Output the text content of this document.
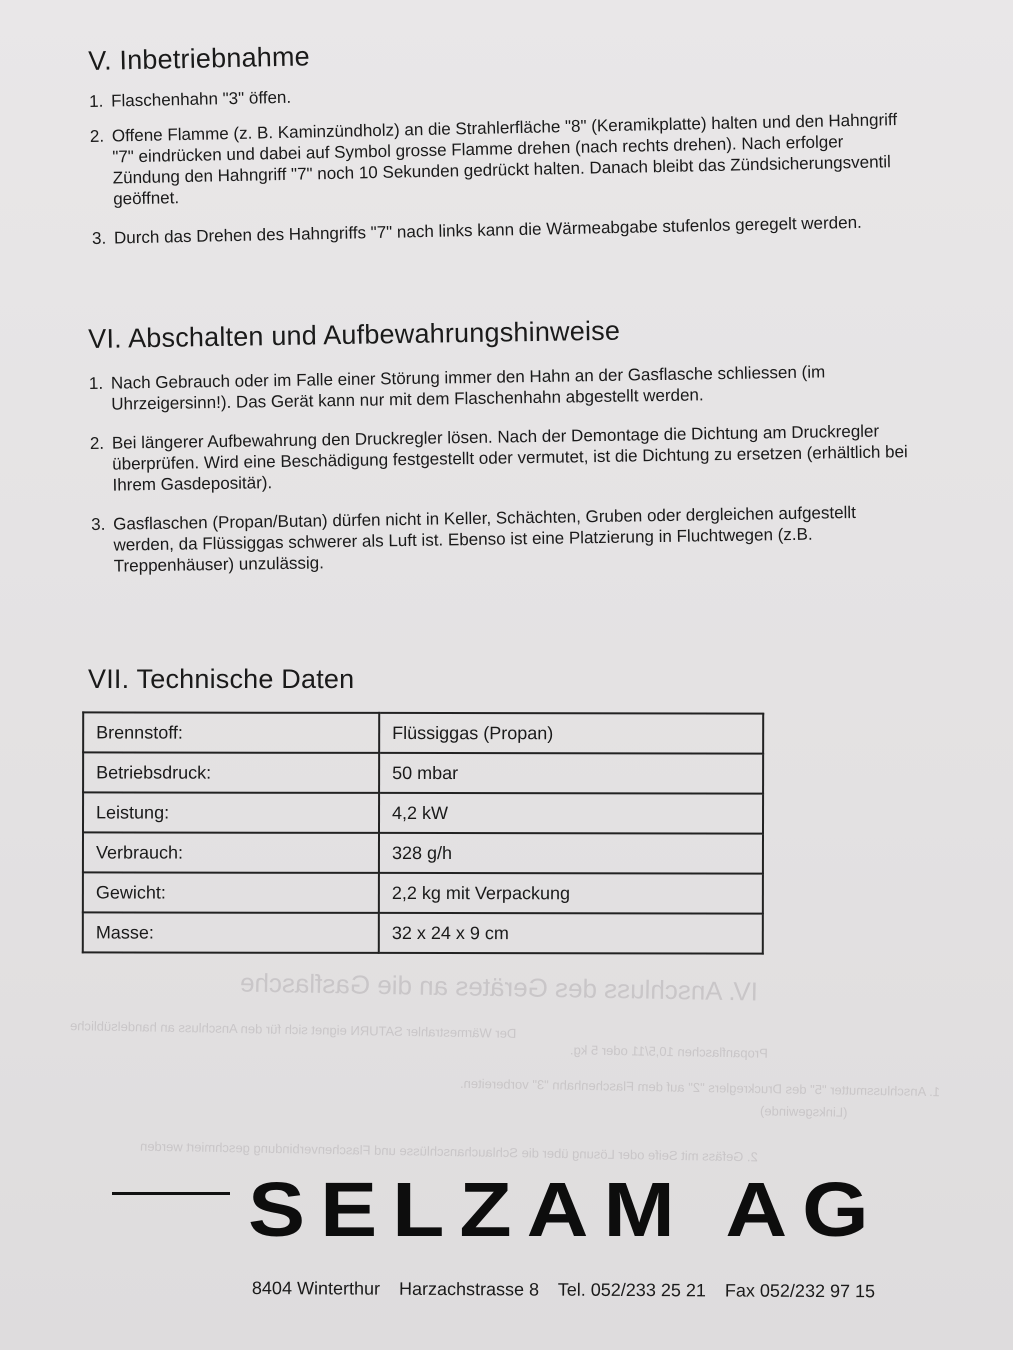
IV. Anschluss des Gerätes an die Gasflasche
Der Wärmestrahler SATURN eignet sich für den Anschluss an handelsübliche
Propanflaschen 10,5/11 oder 5 kg.
1. Anschlussmutter "5" des Druckreglers "2" auf dem Flaschenhahn "3" vorbereiten.
(Linksgewinde)
2. Gefäss mit Seife oder Lösung über die Schlauchanschlüsse und Flaschenverbindung geschmiert werden
V. Inbetriebnahme
1. Flaschenhahn "3" öffen.
2. Offene Flamme (z. B. Kaminzündholz) an die Strahlerfläche "8" (Keramikplatte) halten und den Hahngriff "7" eindrücken und dabei auf Symbol grosse Flamme drehen (nach rechts drehen). Nach erfolger Zündung den Hahngriff "7" noch 10 Sekunden gedrückt halten. Danach bleibt das Zündsicherungsventil geöffnet.
3. Durch das Drehen des Hahngriffs "7" nach links kann die Wärmeabgabe stufenlos geregelt werden.
VI. Abschalten und Aufbewahrungshinweise
1. Nach Gebrauch oder im Falle einer Störung immer den Hahn an der Gasflasche schliessen (im Uhrzeigersinn!). Das Gerät kann nur mit dem Flaschenhahn abgestellt werden.
2. Bei längerer Aufbewahrung den Druckregler lösen. Nach der Demontage die Dichtung am Druckregler überprüfen. Wird eine Beschädigung festgestellt oder vermutet, ist die Dichtung zu ersetzen (erhältlich bei Ihrem Gasdepositär).
3. Gasflaschen (Propan/Butan) dürfen nicht in Keller, Schächten, Gruben oder dergleichen aufgestellt werden, da Flüssiggas schwerer als Luft ist. Ebenso ist eine Platzierung in Fluchtwegen (z.B. Treppenhäuser) unzulässig.
VII. Technische Daten
Brennstoff:	Flüssiggas (Propan)
Betriebsdruck:	50 mbar
Leistung:	4,2 kW
Verbrauch:	328 g/h
Gewicht:	2,2 kg mit Verpackung
Masse:	32 x 24 x 9 cm
SELZAM AG
8404 Winterthur Harzachstrasse 8 Tel. 052/233 25 21 Fax 052/232 97 15
